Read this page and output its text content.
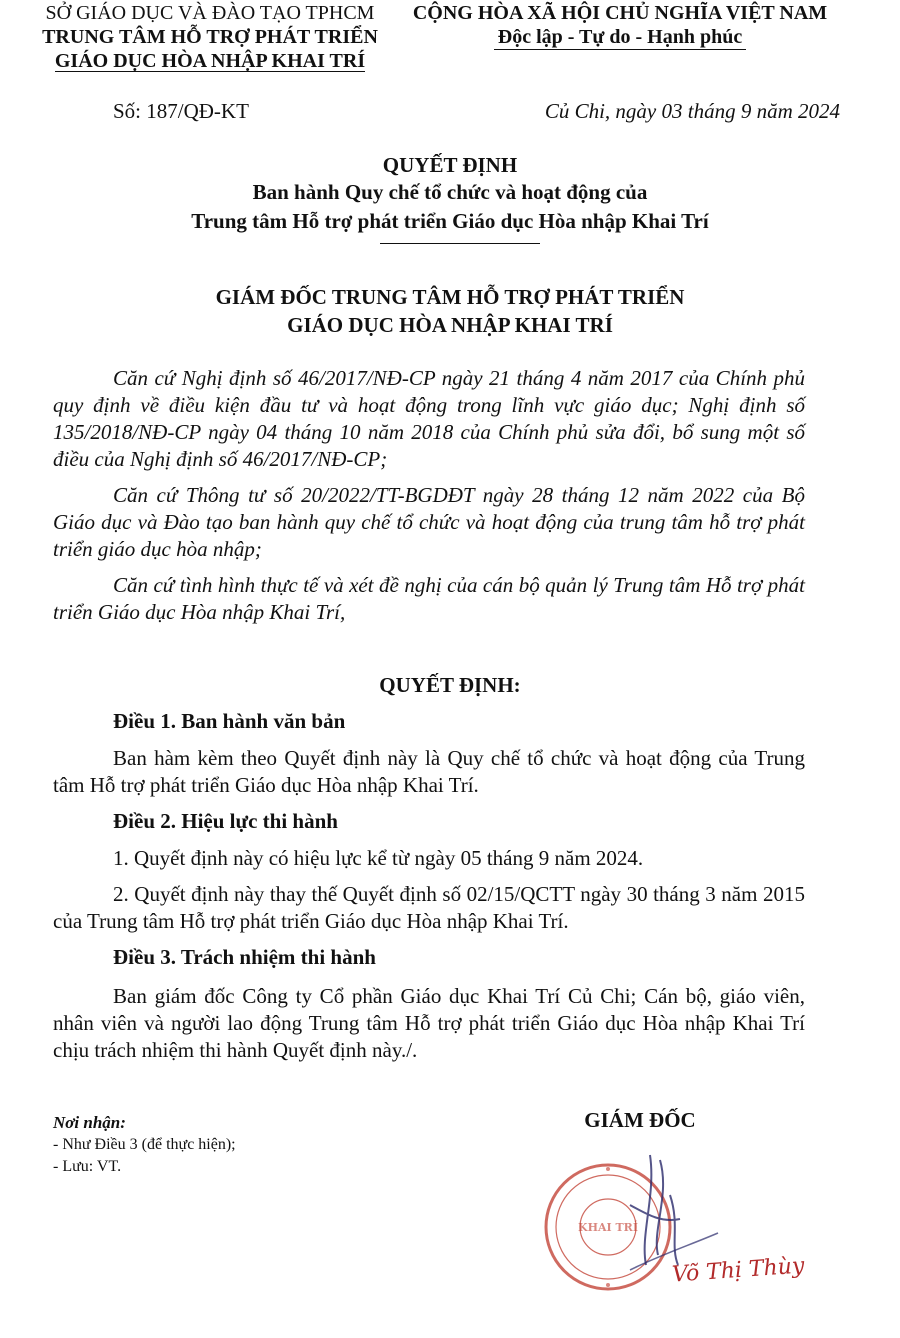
SỞ GIÁO DỤC VÀ ĐÀO TẠO TPHCM
TRUNG TÂM HỖ TRỢ PHÁT TRIỂN
GIÁO DỤC HÒA NHẬP KHAI TRÍ
CỘNG HÒA XÃ HỘI CHỦ NGHĨA VIỆT NAM
Độc lập - Tự do - Hạnh phúc
Số: 187/QĐ-KT	Củ Chi, ngày 03 tháng 9 năm 2024
QUYẾT ĐỊNH
Ban hành Quy chế tổ chức và hoạt động của
Trung tâm Hỗ trợ phát triển Giáo dục Hòa nhập Khai Trí
GIÁM ĐỐC TRUNG TÂM HỖ TRỢ PHÁT TRIỂN
GIÁO DỤC HÒA NHẬP KHAI TRÍ
Căn cứ Nghị định số 46/2017/NĐ-CP ngày 21 tháng 4 năm 2017 của Chính phủ quy định về điều kiện đầu tư và hoạt động trong lĩnh vực giáo dục; Nghị định số 135/2018/NĐ-CP ngày 04 tháng 10 năm 2018 của Chính phủ sửa đổi, bổ sung một số điều của Nghị định số 46/2017/NĐ-CP;
Căn cứ Thông tư số 20/2022/TT-BGDĐT ngày 28 tháng 12 năm 2022 của Bộ Giáo dục và Đào tạo ban hành quy chế tổ chức và hoạt động của trung tâm hỗ trợ phát triển giáo dục hòa nhập;
Căn cứ tình hình thực tế và xét đề nghị của cán bộ quản lý Trung tâm Hỗ trợ phát triển Giáo dục Hòa nhập Khai Trí,
QUYẾT ĐỊNH:
Điều 1. Ban hành văn bản
Ban hàm kèm theo Quyết định này là Quy chế tổ chức và hoạt động của Trung tâm Hỗ trợ phát triển Giáo dục Hòa nhập Khai Trí.
Điều 2. Hiệu lực thi hành
1. Quyết định này có hiệu lực kể từ ngày 05 tháng 9 năm 2024.
2. Quyết định này thay thế Quyết định số 02/15/QCTT ngày 30 tháng 3 năm 2015 của Trung tâm Hỗ trợ phát triển Giáo dục Hòa nhập Khai Trí.
Điều 3. Trách nhiệm thi hành
Ban giám đốc Công ty Cổ phần Giáo dục Khai Trí Củ Chi; Cán bộ, giáo viên, nhân viên và người lao động Trung tâm Hỗ trợ phát triển Giáo dục Hòa nhập Khai Trí chịu trách nhiệm thi hành Quyết định này./.
Nơi nhận:
- Như Điều 3 (để thực hiện);
- Lưu: VT.
GIÁM ĐỐC
KHAI TRÍ
Võ Thị Thùy
